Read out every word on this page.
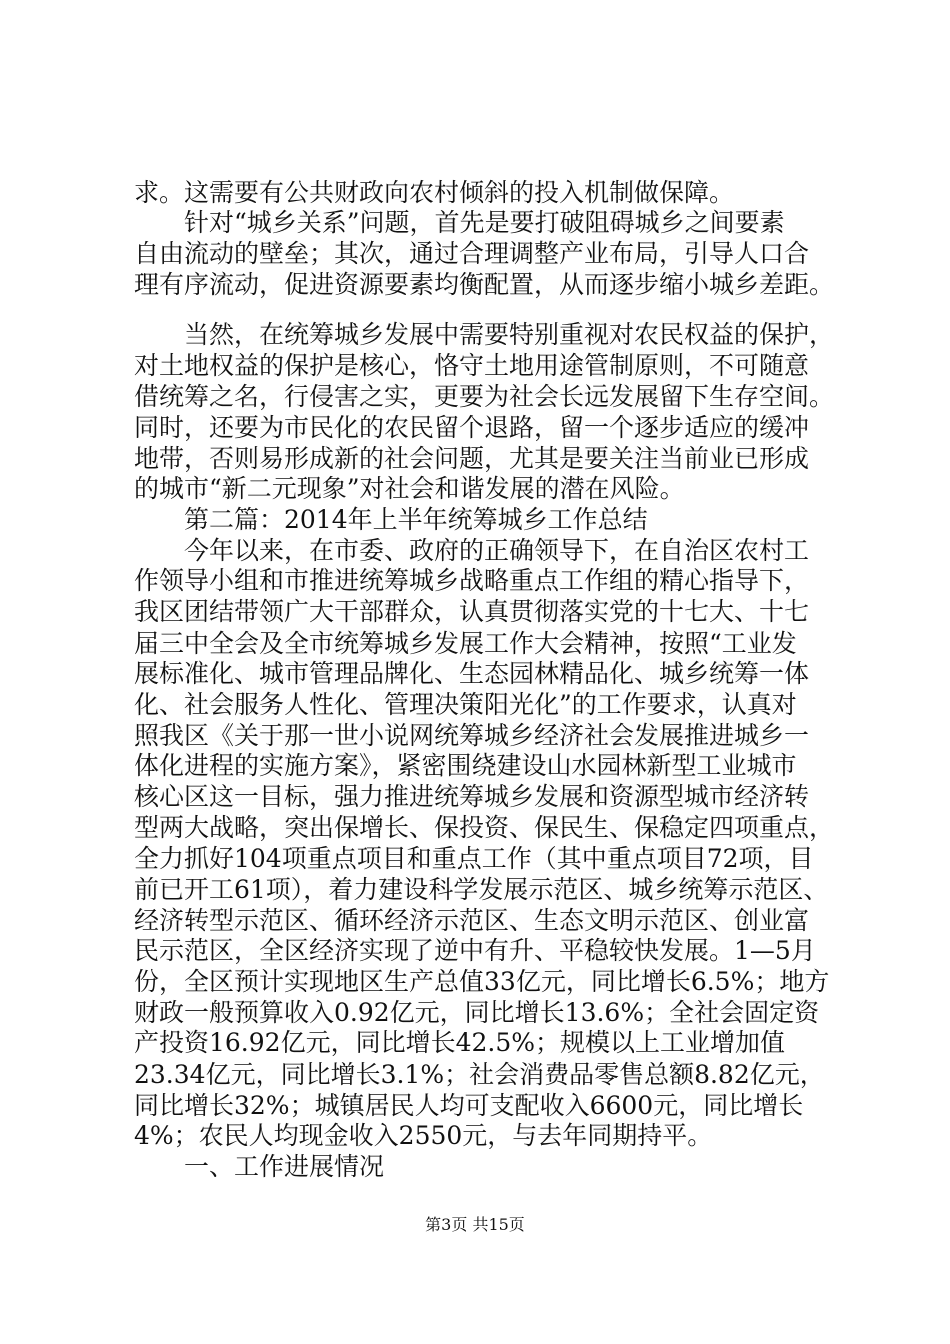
求。这需要有公共财政向农村倾斜的投入机制做保障。
　　针对“城乡关系”问题，首先是要打破阻碍城乡之间要素
自由流动的壁垒；其次，通过合理调整产业布局，引导人口合
理有序流动，促进资源要素均衡配置，从而逐步缩小城乡差距。
　　当然，在统筹城乡发展中需要特别重视对农民权益的保护，
对土地权益的保护是核心，恪守土地用途管制原则，不可随意
借统筹之名，行侵害之实，更要为社会长远发展留下生存空间。
同时，还要为市民化的农民留个退路，留一个逐步适应的缓冲
地带，否则易形成新的社会问题，尤其是要关注当前业已形成
的城市“新二元现象”对社会和谐发展的潜在风险。
　　第二篇：2014年上半年统筹城乡工作总结
　　今年以来，在市委、政府的正确领导下，在自治区农村工
作领导小组和市推进统筹城乡战略重点工作组的精心指导下，
我区团结带领广大干部群众，认真贯彻落实党的十七大、十七
届三中全会及全市统筹城乡发展工作大会精神，按照“工业发
展标准化、城市管理品牌化、生态园林精品化、城乡统筹一体
化、社会服务人性化、管理决策阳光化”的工作要求，认真对
照我区《关于那一世小说网统筹城乡经济社会发展推进城乡一
体化进程的实施方案》，紧密围绕建设山水园林新型工业城市
核心区这一目标，强力推进统筹城乡发展和资源型城市经济转
型两大战略，突出保增长、保投资、保民生、保稳定四项重点，
全力抓好104项重点项目和重点工作（其中重点项目72项，目
前已开工61项），着力建设科学发展示范区、城乡统筹示范区、
经济转型示范区、循环经济示范区、生态文明示范区、创业富
民示范区，全区经济实现了逆中有升、平稳较快发展。1—5月
份，全区预计实现地区生产总值33亿元，同比增长6.5%；地方
财政一般预算收入0.92亿元，同比增长13.6%；全社会固定资
产投资16.92亿元，同比增长42.5%；规模以上工业增加值
23.34亿元，同比增长3.1%；社会消费品零售总额8.82亿元，
同比增长32%；城镇居民人均可支配收入6600元，同比增长
4%；农民人均现金收入2550元，与去年同期持平。
　　一、工作进展情况
第3页 共15页
